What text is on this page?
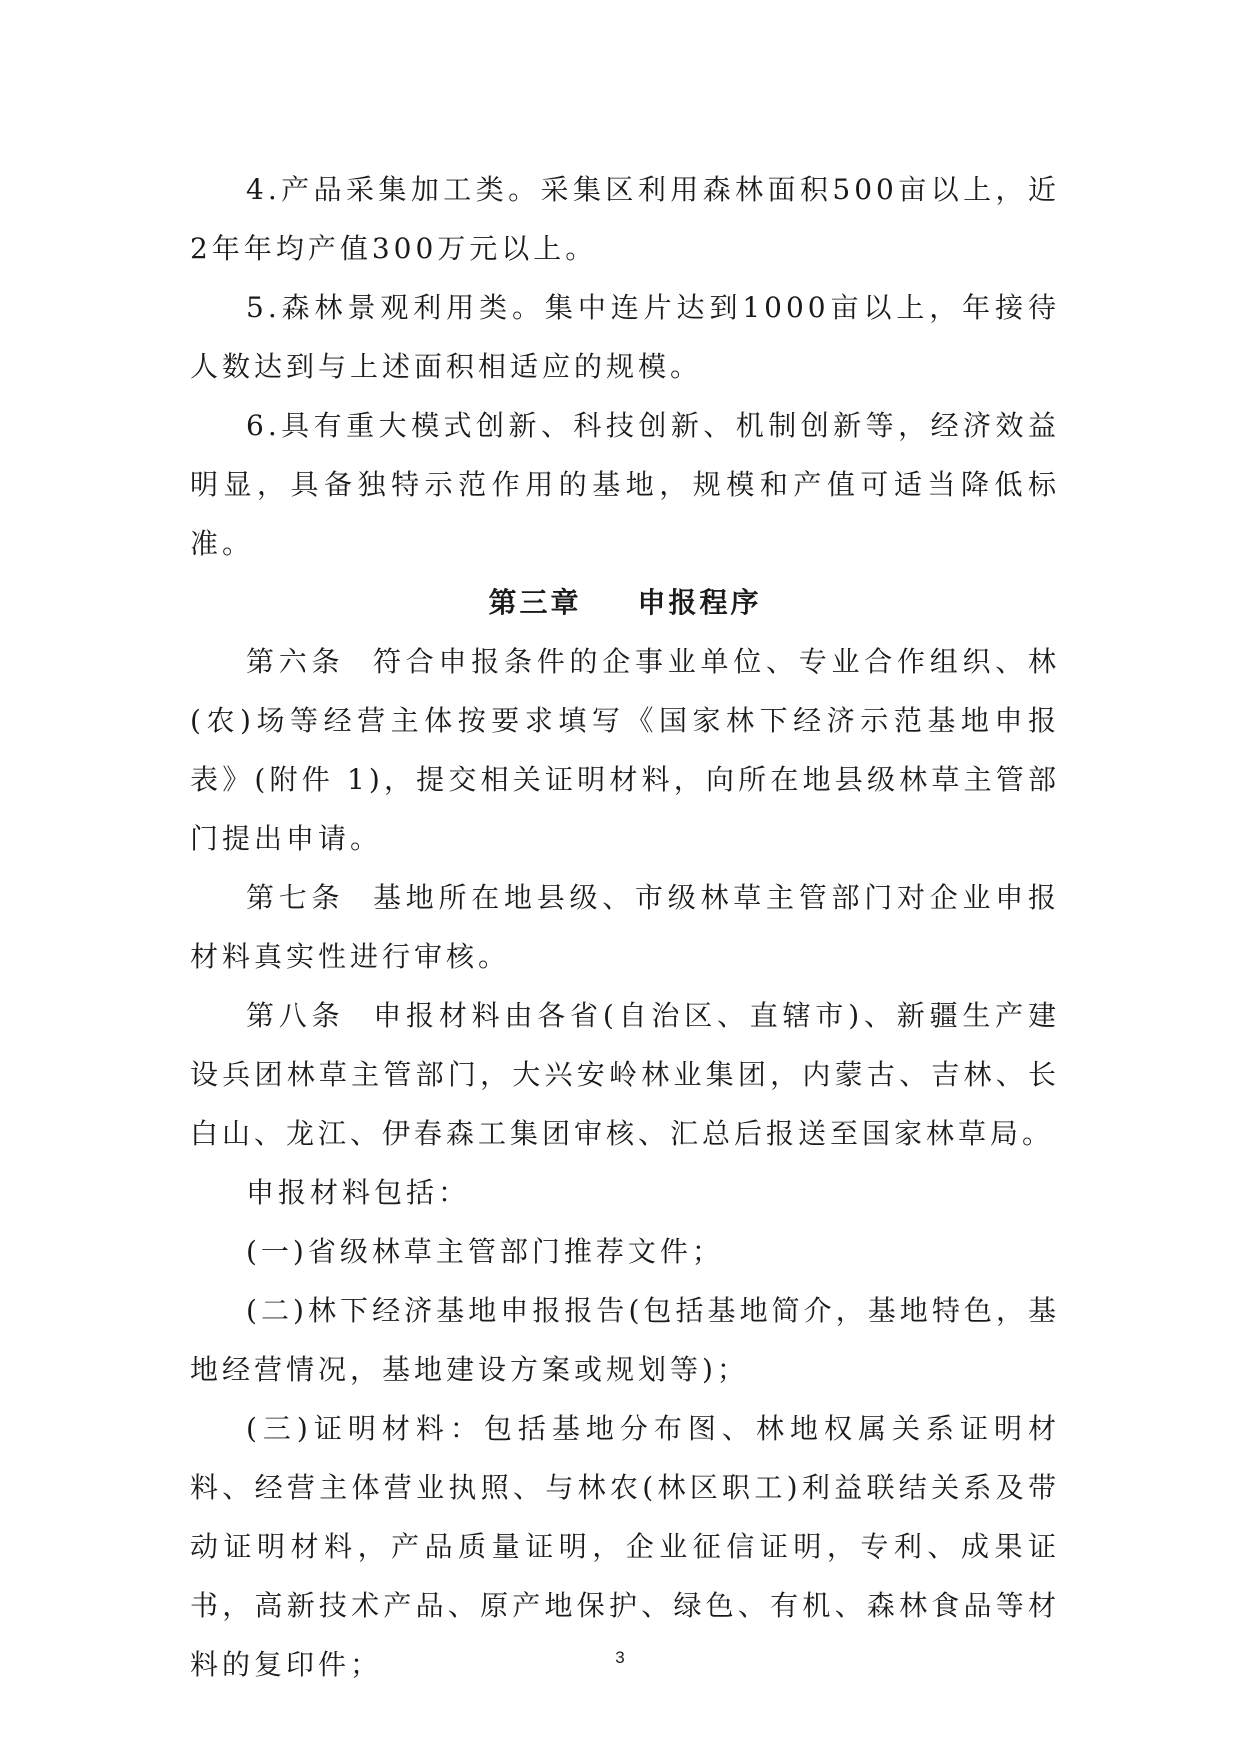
4.产品采集加工类。采集区利用森林面积500亩以上，近2年年均产值300万元以上。

5.森林景观利用类。集中连片达到1000亩以上，年接待人数达到与上述面积相适应的规模。

6.具有重大模式创新、科技创新、机制创新等，经济效益明显，具备独特示范作用的基地，规模和产值可适当降低标准。

第三章 申报程序

第六条 符合申报条件的企事业单位、专业合作组织、林(农)场等经营主体按要求填写《国家林下经济示范基地申报表》(附件 1)，提交相关证明材料，向所在地县级林草主管部门提出申请。

第七条 基地所在地县级、市级林草主管部门对企业申报材料真实性进行审核。

第八条 申报材料由各省(自治区、直辖市)、新疆生产建设兵团林草主管部门，大兴安岭林业集团，内蒙古、吉林、长白山、龙江、伊春森工集团审核、汇总后报送至国家林草局。

申报材料包括：

(一)省级林草主管部门推荐文件；

(二)林下经济基地申报报告(包括基地简介，基地特色，基地经营情况，基地建设方案或规划等)；

(三)证明材料：包括基地分布图、林地权属关系证明材料、经营主体营业执照、与林农(林区职工)利益联结关系及带动证明材料，产品质量证明，企业征信证明，专利、成果证书，高新技术产品、原产地保护、绿色、有机、森林食品等材料的复印件；	3
